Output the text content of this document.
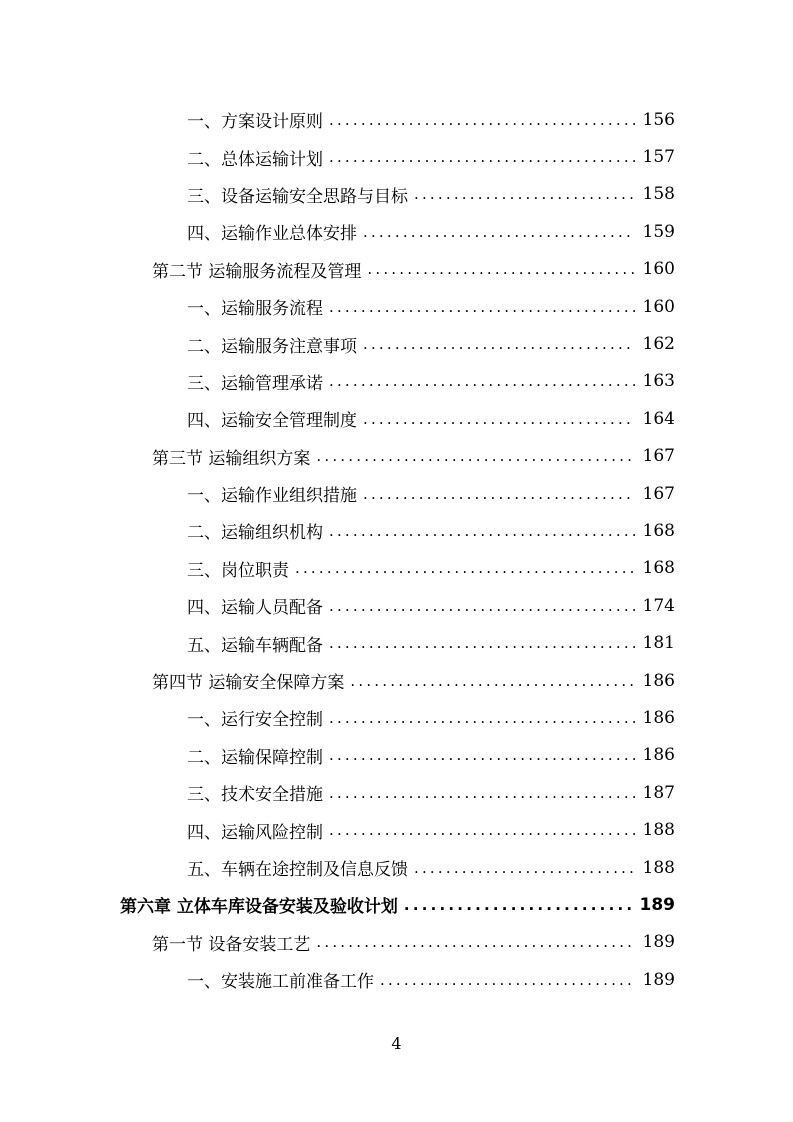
一、方案设计原则 .....	156
二、总体运输计划 .....	157
三、设备运输安全思路与目标 .....	158
四、运输作业总体安排 .....	159
第二节 运输服务流程及管理 .....	160
一、运输服务流程 .....	160
二、运输服务注意事项 .....	162
三、运输管理承诺 .....	163
四、运输安全管理制度 .....	164
第三节 运输组织方案 .....	167
一、运输作业组织措施 .....	167
二、运输组织机构 .....	168
三、岗位职责 .....	168
四、运输人员配备 .....	174
五、运输车辆配备 .....	181
第四节 运输安全保障方案 .....	186
一、运行安全控制 .....	186
二、运输保障控制 .....	186
三、技术安全措施 .....	187
四、运输风险控制 .....	188
五、车辆在途控制及信息反馈 .....	188
第六章 立体车库设备安装及验收计划 .....	189
第一节 设备安装工艺 .....	189
一、安装施工前准备工作 .....	189
4
